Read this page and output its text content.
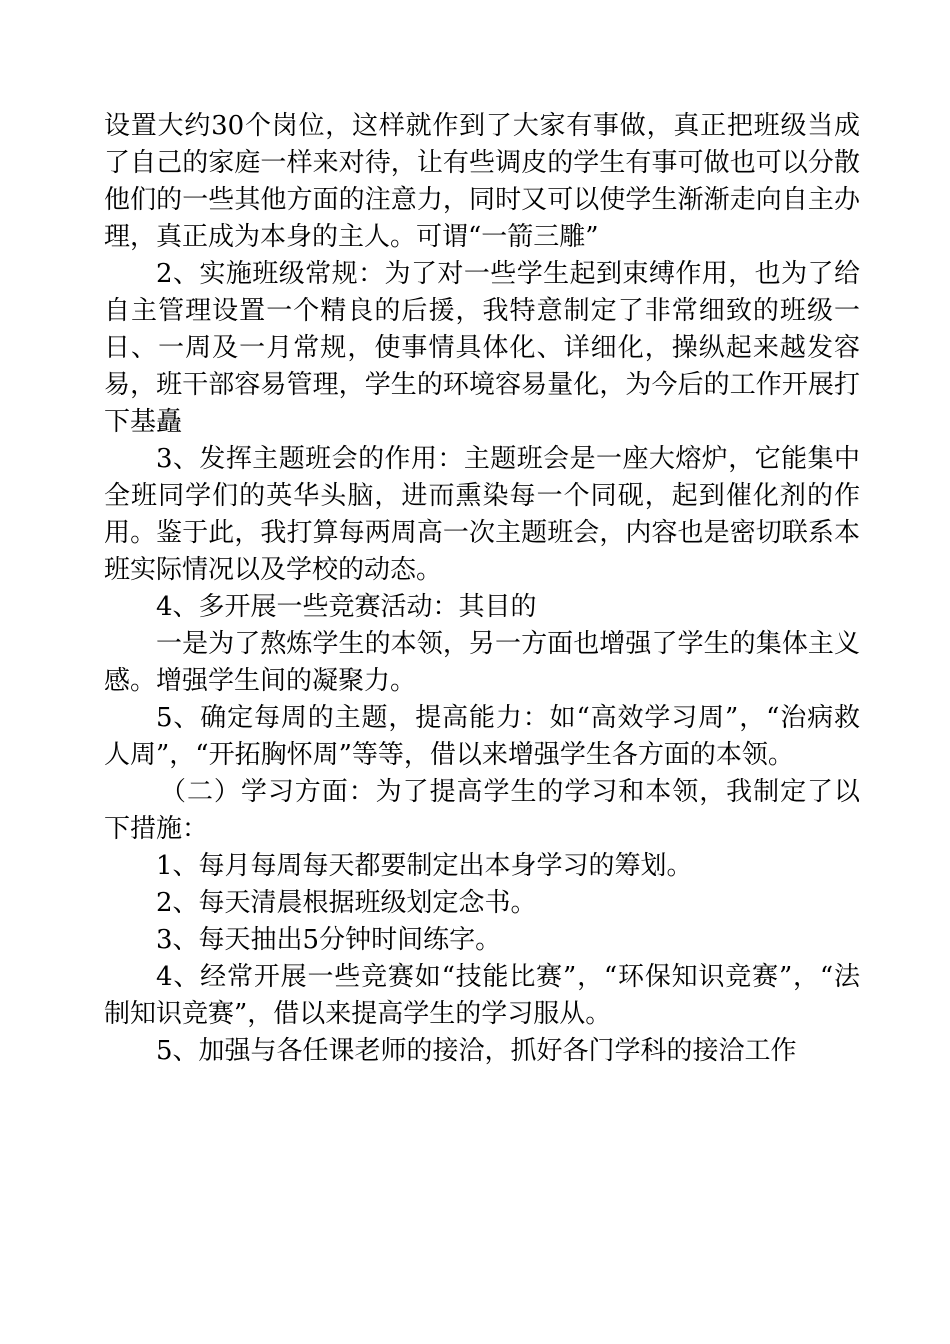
设置大约30个岗位，这样就作到了大家有事做，真正把班级当成了自己的家庭一样来对待，让有些调皮的学生有事可做也可以分散他们的一些其他方面的注意力，同时又可以使学生渐渐走向自主办理，真正成为本身的主人。可谓“一箭三雕”

2、实施班级常规：为了对一些学生起到束缚作用，也为了给自主管理设置一个精良的后援，我特意制定了非常细致的班级一日、一周及一月常规，使事情具体化、详细化，操纵起来越发容易，班干部容易管理，学生的环境容易量化，为今后的工作开展打下基矗

3、发挥主题班会的作用：主题班会是一座大熔炉，它能集中全班同学们的英华头脑，进而熏染每一个同砚，起到催化剂的作用。鉴于此，我打算每两周高一次主题班会，内容也是密切联系本班实际情况以及学校的动态。

4、多开展一些竞赛活动：其目的

一是为了熬炼学生的本领，另一方面也增强了学生的集体主义感。增强学生间的凝聚力。

5、确定每周的主题，提高能力：如“高效学习周”，“治病救人周”，“开拓胸怀周”等等，借以来增强学生各方面的本领。

（二）学习方面：为了提高学生的学习和本领，我制定了以下措施：

1、每月每周每天都要制定出本身学习的筹划。

2、每天清晨根据班级划定念书。

3、每天抽出5分钟时间练字。

4、经常开展一些竞赛如“技能比赛”，“环保知识竞赛”，“法制知识竞赛”，借以来提高学生的学习服从。

5、加强与各任课老师的接洽，抓好各门学科的接洽工作
